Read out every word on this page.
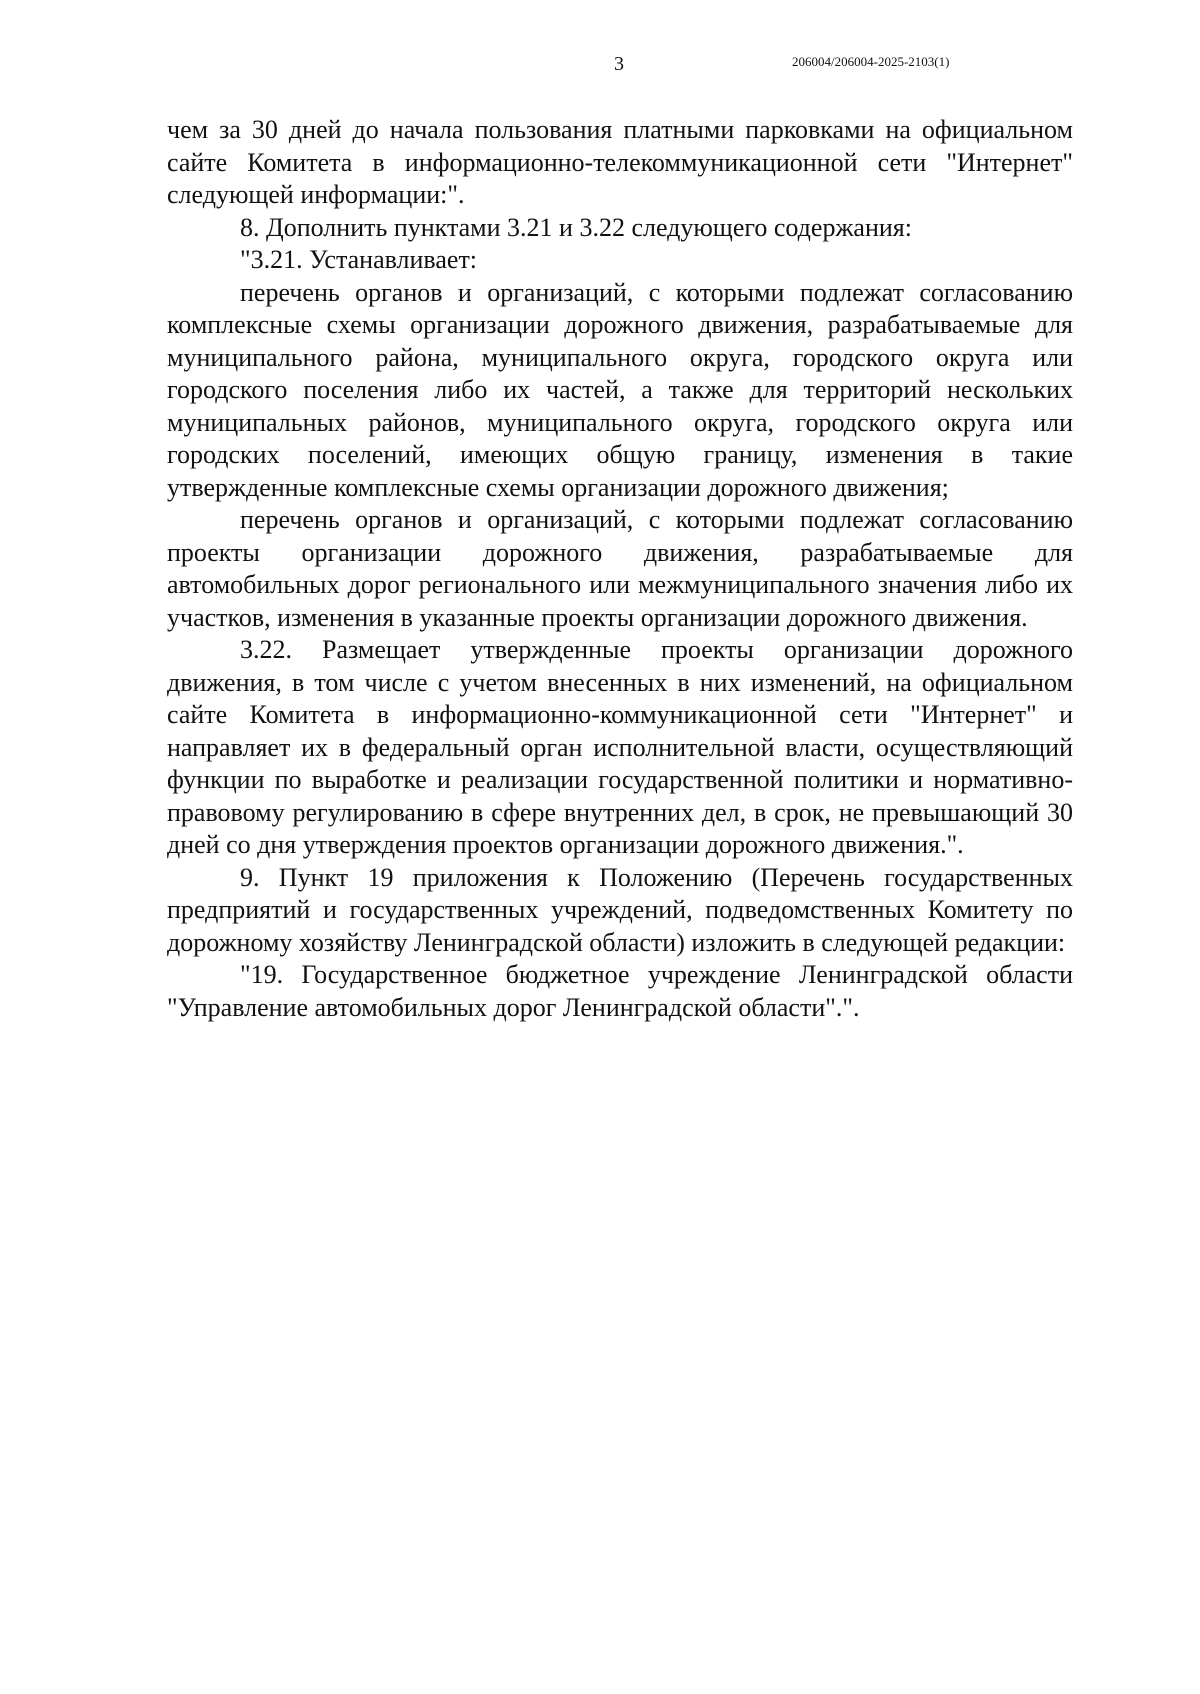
3	206004/206004-2025-2103(1)

чем за 30 дней до начала пользования платными парковками на официальном сайте Комитета в информационно-телекоммуникационной сети "Интернет" следующей информации:".

8. Дополнить пунктами 3.21 и 3.22 следующего содержания:

"3.21. Устанавливает:

перечень органов и организаций, с которыми подлежат согласованию комплексные схемы организации дорожного движения, разрабатываемые для муниципального района, муниципального округа, городского округа или городского поселения либо их частей, а также для территорий нескольких муниципальных районов, муниципального округа, городского округа или городских поселений, имеющих общую границу, изменения в такие утвержденные комплексные схемы организации дорожного движения;

перечень органов и организаций, с которыми подлежат согласованию проекты организации дорожного движения, разрабатываемые для автомобильных дорог регионального или межмуниципального значения либо их участков, изменения в указанные проекты организации дорожного движения.

3.22. Размещает утвержденные проекты организации дорожного движения, в том числе с учетом внесенных в них изменений, на официальном сайте Комитета в информационно-коммуникационной сети "Интернет" и направляет их в федеральный орган исполнительной власти, осуществляющий функции по выработке и реализации государственной политики и нормативно-правовому регулированию в сфере внутренних дел, в срок, не превышающий 30 дней со дня утверждения проектов организации дорожного движения.".

9. Пункт 19 приложения к Положению (Перечень государственных предприятий и государственных учреждений, подведомственных Комитету по дорожному хозяйству Ленинградской области) изложить в следующей редакции:

"19. Государственное бюджетное учреждение Ленинградской области "Управление автомобильных дорог Ленинградской области".".
